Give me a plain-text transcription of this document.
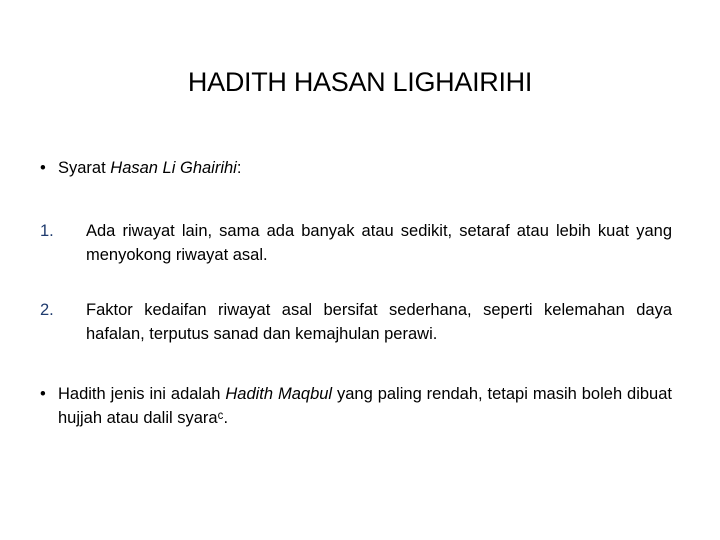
HADITH HASAN LIGHAIRIHI
• Syarat Hasan Li Ghairihi:
1.	Ada riwayat lain, sama ada banyak atau sedikit, setaraf atau lebih kuat yang menyokong riwayat asal.
2.	Faktor kedaifan riwayat asal bersifat sederhana, seperti kelemahan daya hafalan, terputus sanad dan kemajhulan perawi.
• Hadith jenis ini adalah Hadith Maqbul yang paling rendah, tetapi masih boleh dibuat hujjah atau dalil syaraᶜ.
